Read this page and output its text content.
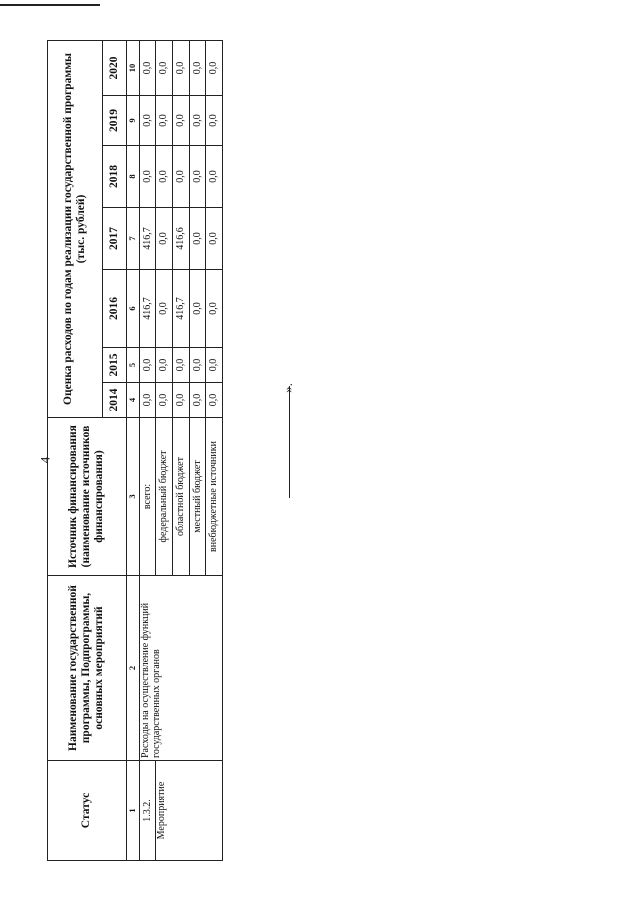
4
».
Статус	Наименование государственной программы, Подпрограммы, основных мероприятий	Источник финансирования (наименование источников финансирования)	Оценка расходов по годам реализации государственной программы (тыс. рублей)						
			2014	2015	2016	2017	2018	2019	2020
1	2	3	4	5	6	7	8	9	10
1.3.2.	Расходы на осуществление функций государственных органов	всего:	0,0	0,0	416,7	416,7	0,0	0,0	0,0
Мероприятие		федеральный бюджет	0,0	0,0	0,0	0,0	0,0	0,0	0,0
		областной бюджет	0,0	0,0	416,7	416,6	0,0	0,0	0,0
		местный бюджет	0,0	0,0	0,0	0,0	0,0	0,0	0,0
		внебюджетные источники	0,0	0,0	0,0	0,0	0,0	0,0	0,0
